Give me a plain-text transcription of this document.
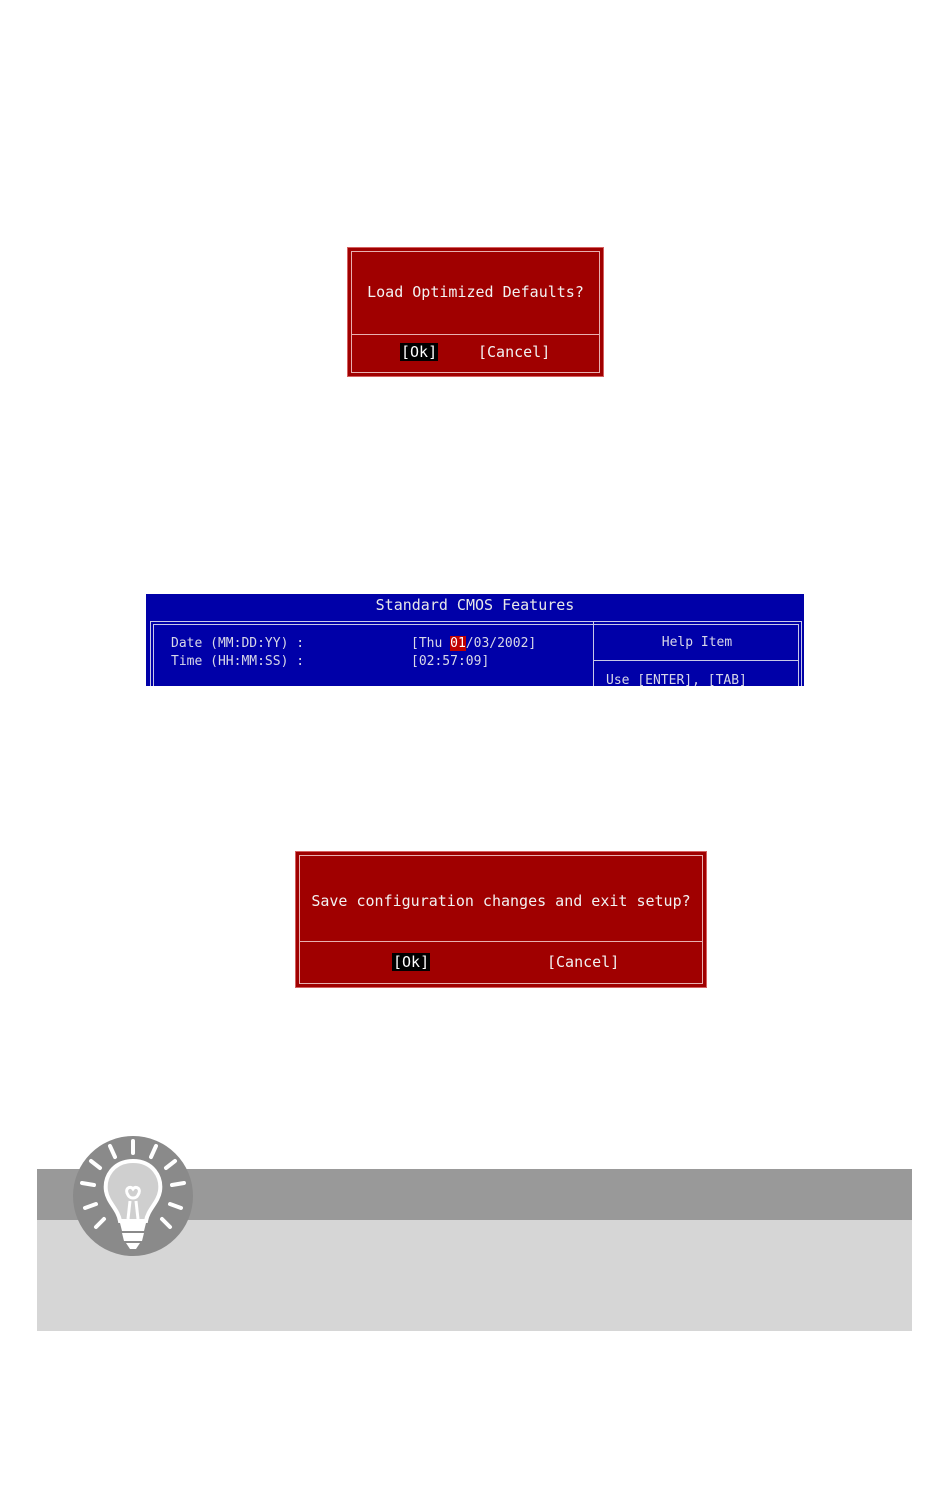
Load Optimized Defaults?
[Ok]	[Cancel]
Standard CMOS Features
Date (MM:DD:YY) :	[Thu 01/03/2002]
Time (HH:MM:SS) :	[02:57:09]
Help Item
Use [ENTER], [TAB]
Save configuration changes and exit setup?
[Ok]	[Cancel]
